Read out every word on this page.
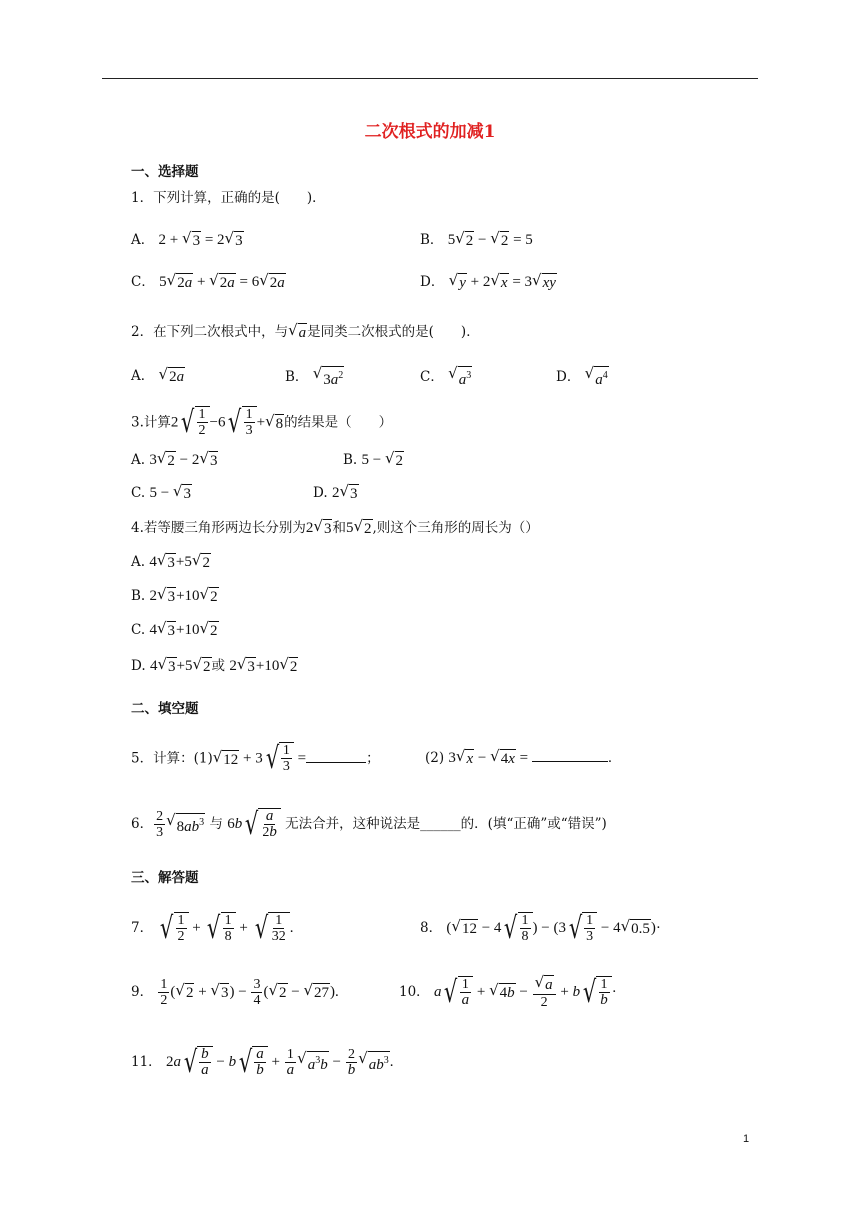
二次根式的加减1
一、选择题
1．下列计算，正确的是(　　)．
A． 2 + √ 3 = 2 √ 3	B． 5 √ 2 − √ 2 = 5
C． 5 √ 2a + √ 2a = 6 √ 2a	D． √ y + 2 √ x = 3 √ xy
2．在下列二次根式中，与 √ a 是同类二次根式的是(　　)．
A． √ 2a	B． √ $3a^2$	C． √ $a^3$	D． √ $a^4$
3.计算2 √ $\frac{1}{2} -6$ √ $\frac{1}{3}$ + √ 8 的结果是（　　）
A. 3 √ 2 − 2 √ 3	B. 5 − √ 2
C. 5 − √ 3	D. 2 √ 3
4.若等腰三角形两边长分别为2 √ 3 和5 √ 2 ,则这个三角形的周长为（）
A. 4 √ 3 +5 √ 2
B. 2 √ 3 +10 √ 2
C. 4 √ 3 +10 √ 2
D. 4 √ 3 +5 √ 2 或 2 √ 3 +10 √ 2
二、填空题
5．计算：(1) √ 12 + 3 √ $\frac{1}{3}$ =	；	(2) 3 √ x − √ 4x =	．
6． $\frac{2}{3}$ √ $8ab^3$ 与 6b √ $\frac{a}{2b}$ 无法合并，这种说法是______的．(填“正确”或“错误”)
三、解答题
7． √ $\frac{1}{2}$ + √ $\frac{1}{8}$ + √ $\frac{1}{32}$ .	8． ( √ 12 − 4 √ $\frac{1}{8}$ ) − (3 √ $\frac{1}{3} - 4$ √ 0.5 )·
9． $\frac{1}{2}$ ( √ 2 + √ 3 ) − $\frac{3}{4}$ ( √ 2 − √ 27 ).	10． a √ $\frac{1}{a}$ + √ $4b - \frac{√ a}{2} + b$ √ $\frac{1}{b}$ ·
11． 2a √ $\frac{b}{a} - b$ √ $\frac{a}{b} + \frac{1}{a}$ √ $a^3b - \frac{2}{b}$ √ $ab^3$ .
1
